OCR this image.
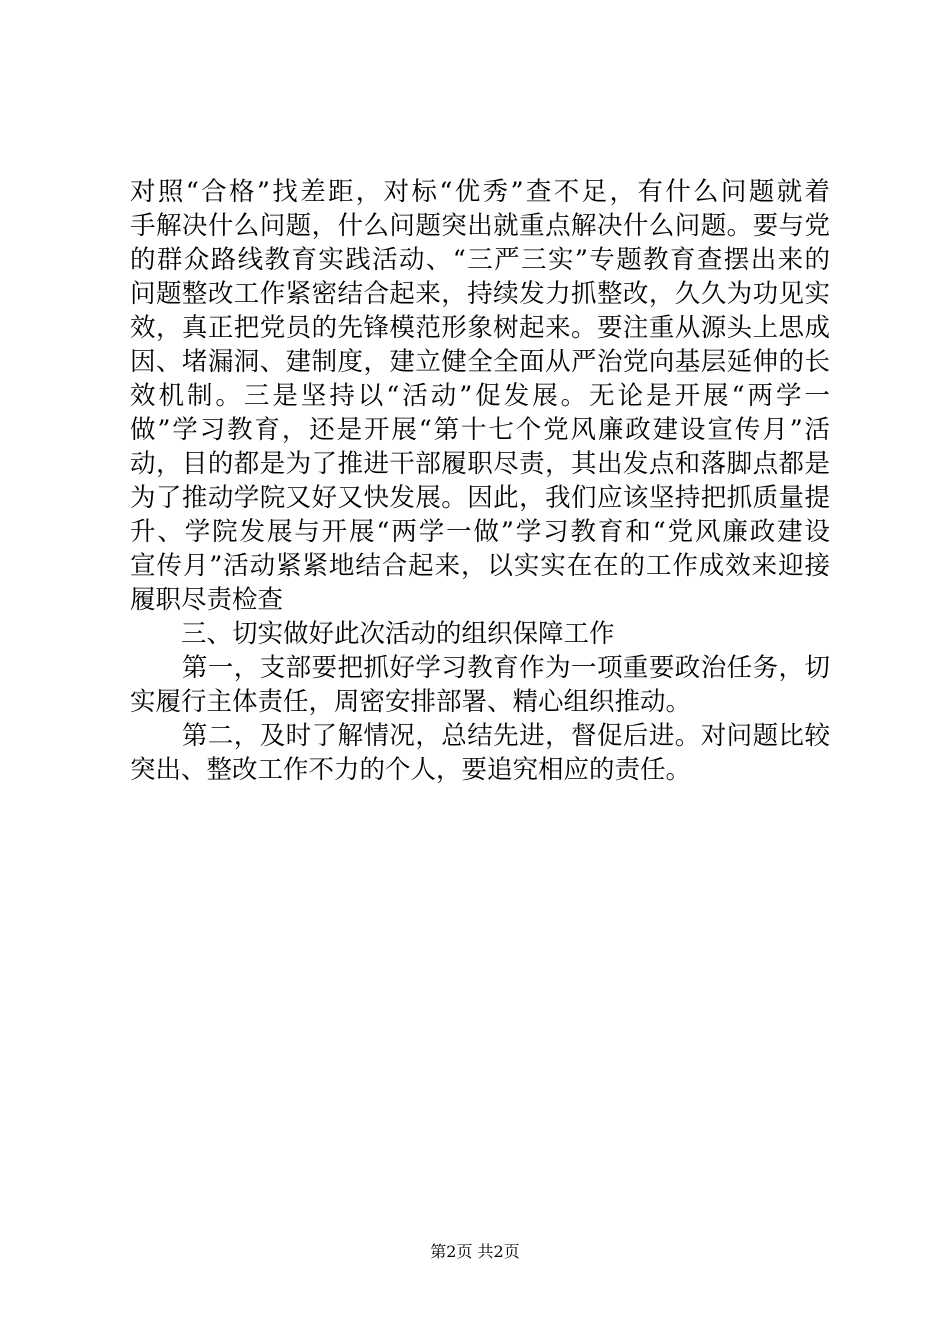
对照“合格”找差距，对标“优秀”查不足，有什么问题就着
手解决什么问题，什么问题突出就重点解决什么问题。要与党
的群众路线教育实践活动、“三严三实”专题教育查摆出来的
问题整改工作紧密结合起来，持续发力抓整改，久久为功见实
效，真正把党员的先锋模范形象树起来。要注重从源头上思成
因、堵漏洞、建制度，建立健全全面从严治党向基层延伸的长
效机制。三是坚持以“活动”促发展。无论是开展“两学一
做”学习教育，还是开展“第十七个党风廉政建设宣传月”活
动，目的都是为了推进干部履职尽责，其出发点和落脚点都是
为了推动学院又好又快发展。因此，我们应该坚持把抓质量提
升、学院发展与开展“两学一做”学习教育和“党风廉政建设
宣传月”活动紧紧地结合起来，以实实在在的工作成效来迎接
履职尽责检查
　　三、切实做好此次活动的组织保障工作
　　第一，支部要把抓好学习教育作为一项重要政治任务，切
实履行主体责任，周密安排部署、精心组织推动。
　　第二，及时了解情况，总结先进，督促后进。对问题比较
突出、整改工作不力的个人，要追究相应的责任。
第2页 共2页
